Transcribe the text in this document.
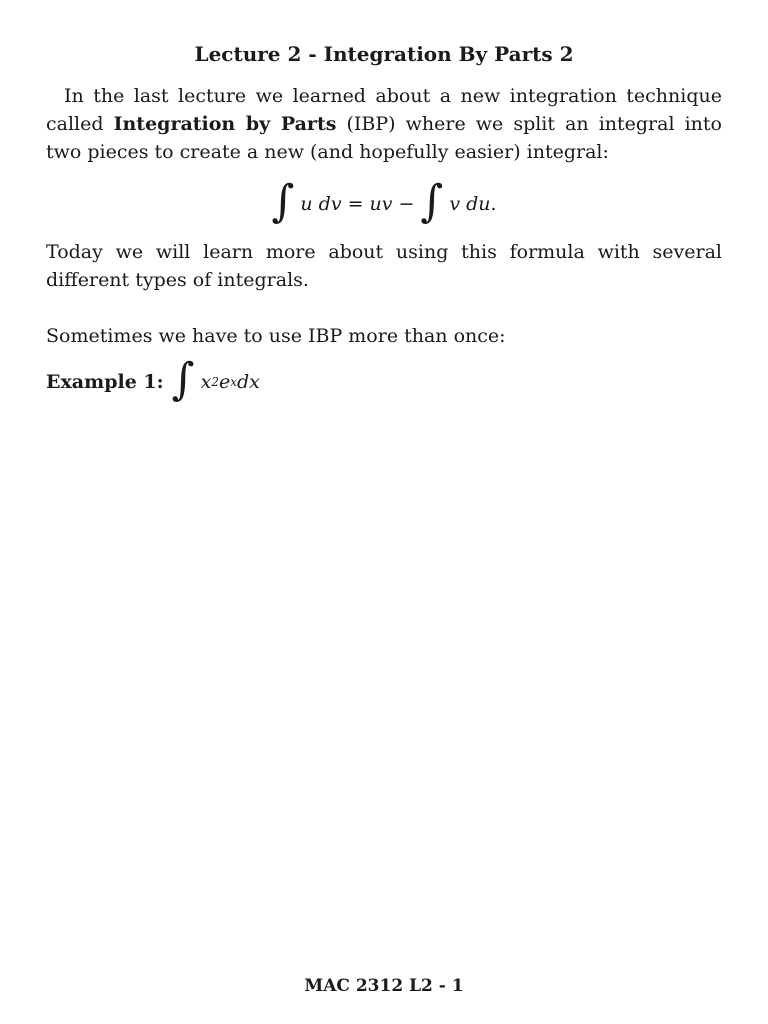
Lecture 2 - Integration By Parts 2
In the last lecture we learned about a new integration technique called Integration by Parts (IBP) where we split an integral into two pieces to create a new (and hopefully easier) integral:
∫ u dv = uv − ∫ v du .
Today we will learn more about using this formula with several different types of integrals.
Sometimes we have to use IBP more than once:
Example 1: ∫ x 2 e x dx
MAC 2312 L2 - 1
